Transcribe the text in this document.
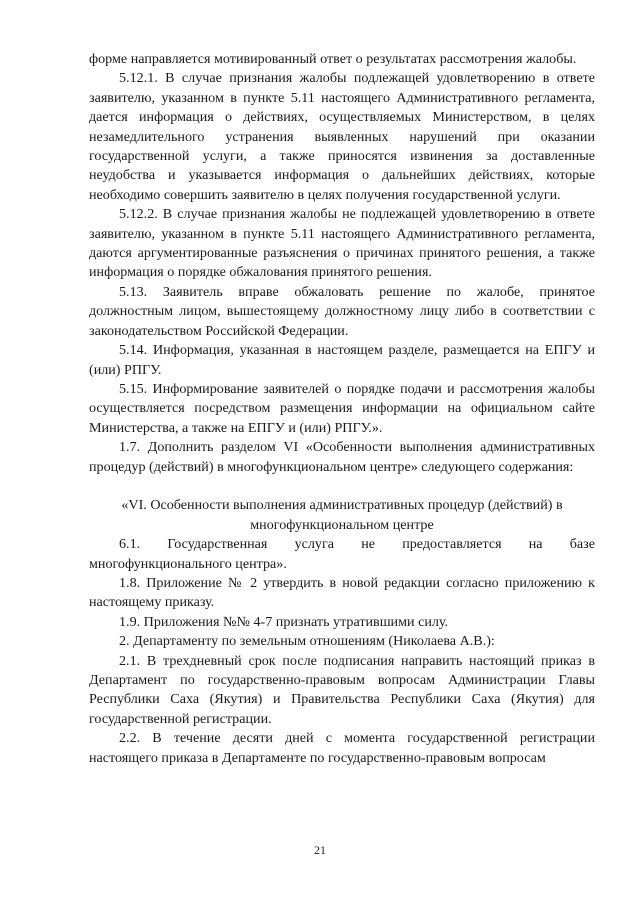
форме направляется мотивированный ответ о результатах рассмотрения жалобы.

5.12.1. В случае признания жалобы подлежащей удовлетворению в ответе заявителю, указанном в пункте 5.11 настоящего Административного регламента, дается информация о действиях, осуществляемых Министерством, в целях незамедлительного устранения выявленных нарушений при оказании государственной услуги, а также приносятся извинения за доставленные неудобства и указывается информация о дальнейших действиях, которые необходимо совершить заявителю в целях получения государственной услуги.

5.12.2. В случае признания жалобы не подлежащей удовлетворению в ответе заявителю, указанном в пункте 5.11 настоящего Административного регламента, даются аргументированные разъяснения о причинах принятого решения, а также информация о порядке обжалования принятого решения.

5.13. Заявитель вправе обжаловать решение по жалобе, принятое должностным лицом, вышестоящему должностному лицу либо в соответствии с законодательством Российской Федерации.

5.14. Информация, указанная в настоящем разделе, размещается на ЕПГУ и (или) РПГУ.

5.15. Информирование заявителей о порядке подачи и рассмотрения жалобы осуществляется посредством размещения информации на официальном сайте Министерства, а также на ЕПГУ и (или) РПГУ.».

1.7. Дополнить разделом VI «Особенности выполнения административных процедур (действий) в многофункциональном центре» следующего содержания:

«VI. Особенности выполнения административных процедур (действий) в многофункциональном центре

6.1. Государственная услуга не предоставляется на базе многофункционального центра».

1.8. Приложение № 2 утвердить в новой редакции согласно приложению к настоящему приказу.

1.9. Приложения №№ 4-7 признать утратившими силу.

2. Департаменту по земельным отношениям (Николаева А.В.):

2.1. В трехдневный срок после подписания направить настоящий приказ в Департамент по государственно-правовым вопросам Администрации Главы Республики Саха (Якутия) и Правительства Республики Саха (Якутия) для государственной регистрации.

2.2. В течение десяти дней с момента государственной регистрации настоящего приказа в Департаменте по государственно-правовым вопросам

21
